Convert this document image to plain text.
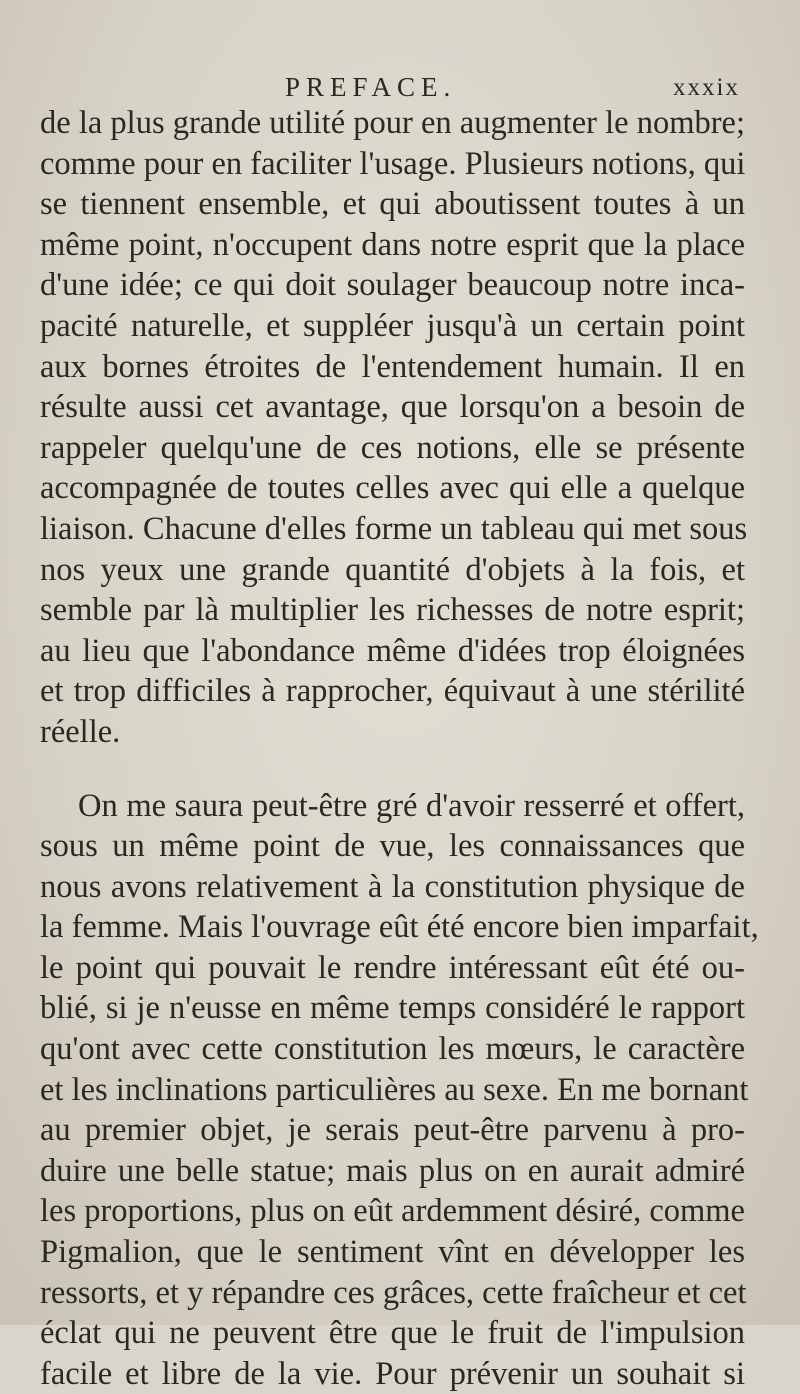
PREFACE.	xxxix
de la plus grande utilité pour en augmenter le nombre;
comme pour en faciliter l'usage. Plusieurs notions, qui
se tiennent ensemble, et qui aboutissent toutes à un
même point, n'occupent dans notre esprit que la place
d'une idée; ce qui doit soulager beaucoup notre inca-
pacité naturelle, et suppléer jusqu'à un certain point
aux bornes étroites de l'entendement humain. Il en
résulte aussi cet avantage, que lorsqu'on a besoin de
rappeler quelqu'une de ces notions, elle se présente
accompagnée de toutes celles avec qui elle a quelque
liaison. Chacune d'elles forme un tableau qui met sous
nos yeux une grande quantité d'objets à la fois, et
semble par là multiplier les richesses de notre esprit;
au lieu que l'abondance même d'idées trop éloignées
et trop difficiles à rapprocher, équivaut à une stérilité
réelle.
On me saura peut-être gré d'avoir resserré et offert,
sous un même point de vue, les connaissances que
nous avons relativement à la constitution physique de
la femme. Mais l'ouvrage eût été encore bien imparfait,
le point qui pouvait le rendre intéressant eût été ou-
blié, si je n'eusse en même temps considéré le rapport
qu'ont avec cette constitution les mœurs, le caractère
et les inclinations particulières au sexe. En me bornant
au premier objet, je serais peut-être parvenu à pro-
duire une belle statue; mais plus on en aurait admiré
les proportions, plus on eût ardemment désiré, comme
Pigmalion, que le sentiment vînt en développer les
ressorts, et y répandre ces grâces, cette fraîcheur et cet
éclat qui ne peuvent être que le fruit de l'impulsion
facile et libre de la vie. Pour prévenir un souhait si
